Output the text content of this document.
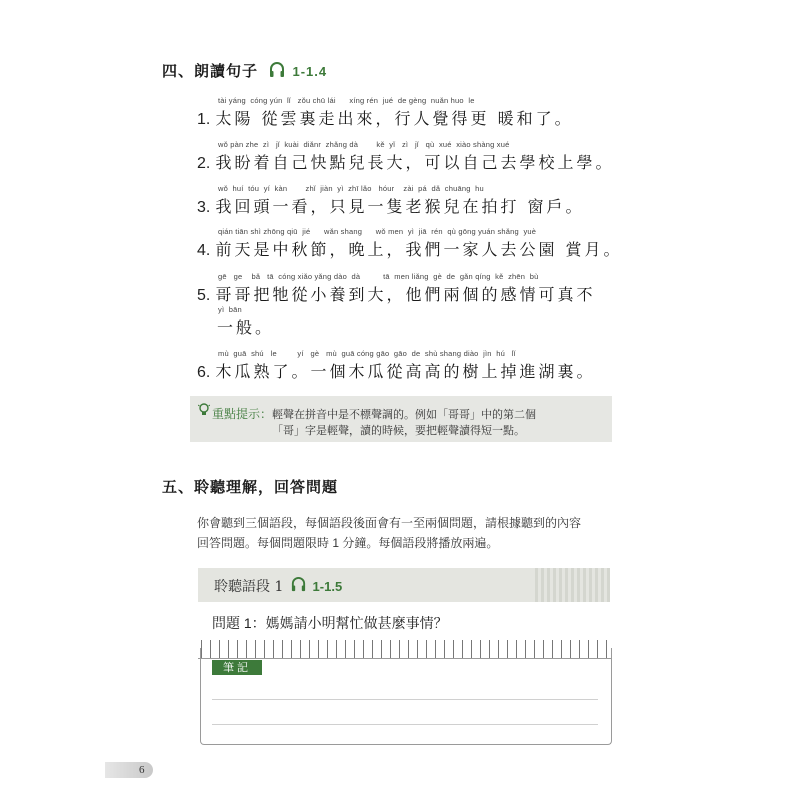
四、朗讀句子	1-1.4
tài yáng  cóng yún  lǐ   zǒu chū lái      xíng rén  jué  de gèng  nuǎn huo  le
1. 太陽 從雲裏走出來，行人覺得更 暖和了。
wǒ pàn zhe  zì   jǐ  kuài  diǎnr  zhǎng dà        kě  yǐ   zì   jǐ   qù  xué  xiào shàng xué
2. 我盼着自己快點兒長大，可以自己去學校上學。
wǒ  huí  tóu  yí  kàn        zhǐ  jiàn  yì  zhī lǎo   hóur    zài  pá  dǎ  chuāng  hu
3. 我回頭一看，只見一隻老猴兒在拍打 窗戶。
qián tiān shì zhōng qiū  jié      wǎn shang      wǒ men  yì  jiā  rén  qù gōng yuán shǎng  yuè
4. 前天是中秋節，晚上，我們一家人去公園 賞月。
gē   ge    bǎ   tā  cóng xiǎo yǎng dào  dà          tā  men liǎng  gè  de  gǎn qíng  kě  zhēn  bù
5. 哥哥把牠從小養到大，他們兩個的感情可真不
yì  bān
一般。
mù  guā  shú   le         yí   gè   mù  guā cóng gāo  gāo  de  shù shang diào  jìn  hú   lǐ
6. 木瓜熟了。一個木瓜從高高的樹上掉進湖裏。
重點提示：輕聲在拼音中是不標聲調的。例如「哥哥」中的第二個
「哥」字是輕聲，讀的時候，要把輕聲讀得短一點。
五、聆聽理解，回答問題
你會聽到三個語段，每個語段後面會有一至兩個問題，請根據聽到的內容
回答問題。每個問題限時 1 分鐘。每個語段將播放兩遍。
聆聽語段 1 1-1.5
問題 1：媽媽請小明幫忙做甚麼事情？
筆記
6
